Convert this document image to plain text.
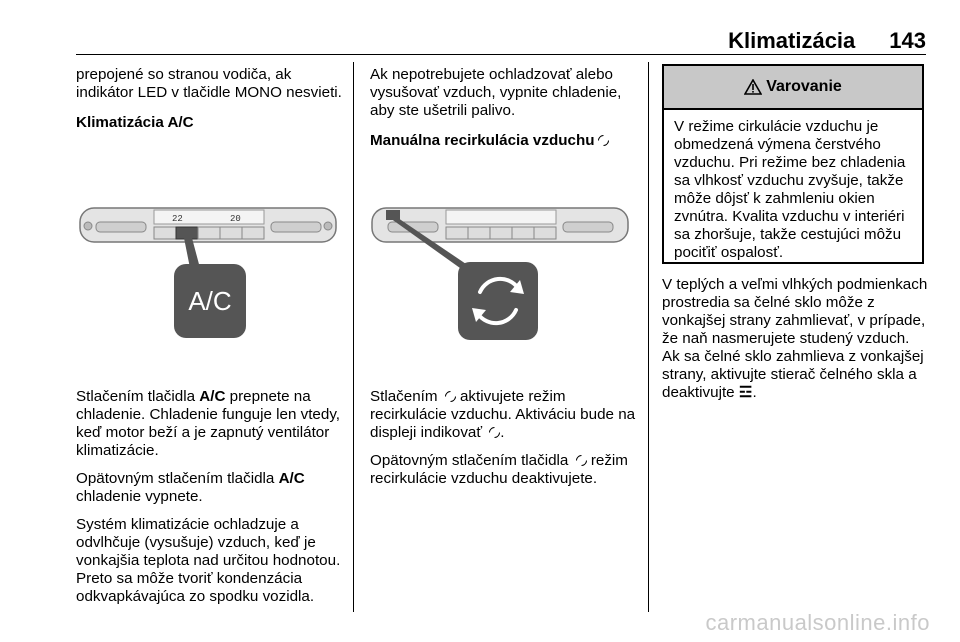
Klimatizácia 143

prepojené so stranou vodiča, ak indikátor LED v tlačidle MONO nesvieti.

Klimatizácia A/C

A/C
22	20

Stlačením tlačidla A/C prepnete na chladenie. Chladenie funguje len vtedy, keď motor beží a je zapnutý ventilátor klimatizácie.

Opätovným stlačením tlačidla A/C chladenie vypnete.

Systém klimatizácie ochladzuje a odvlhčuje (vysušuje) vzduch, keď je vonkajšia teplota nad určitou hodnotou. Preto sa môže tvoriť kondenzácia odkvapkávajúca zo spodku vozidla.

Ak nepotrebujete ochladzovať alebo vysušovať vzduch, vypnite chladenie, aby ste ušetrili palivo.

Manuálna recirkulácia vzduchu

Stlačením  aktivujete režim recirkulácie vzduchu. Aktiváciu bude na displeji indikovať .

Opätovným stlačením tlačidla  režim recirkulácie vzduchu deaktivujete.

Varovanie
V režime cirkulácie vzduchu je obmedzená výmena čerstvého vzduchu. Pri režime bez chladenia sa vlhkosť vzduchu zvyšuje, takže môže dôjsť k zahmleniu okien zvnútra. Kvalita vzduchu v interiéri sa zhoršuje, takže cestujúci môžu pociťiť ospalosť.

V teplých a veľmi vlhkých podmienkach prostredia sa čelné sklo môže z vonkajšej strany zahmlievať, v prípade, že naň nasmerujete studený vzduch. Ak sa čelné sklo zahmlieva z vonkajšej strany, aktivujte stierač čelného skla a deaktivujte ☲.

carmanualsonline.info
